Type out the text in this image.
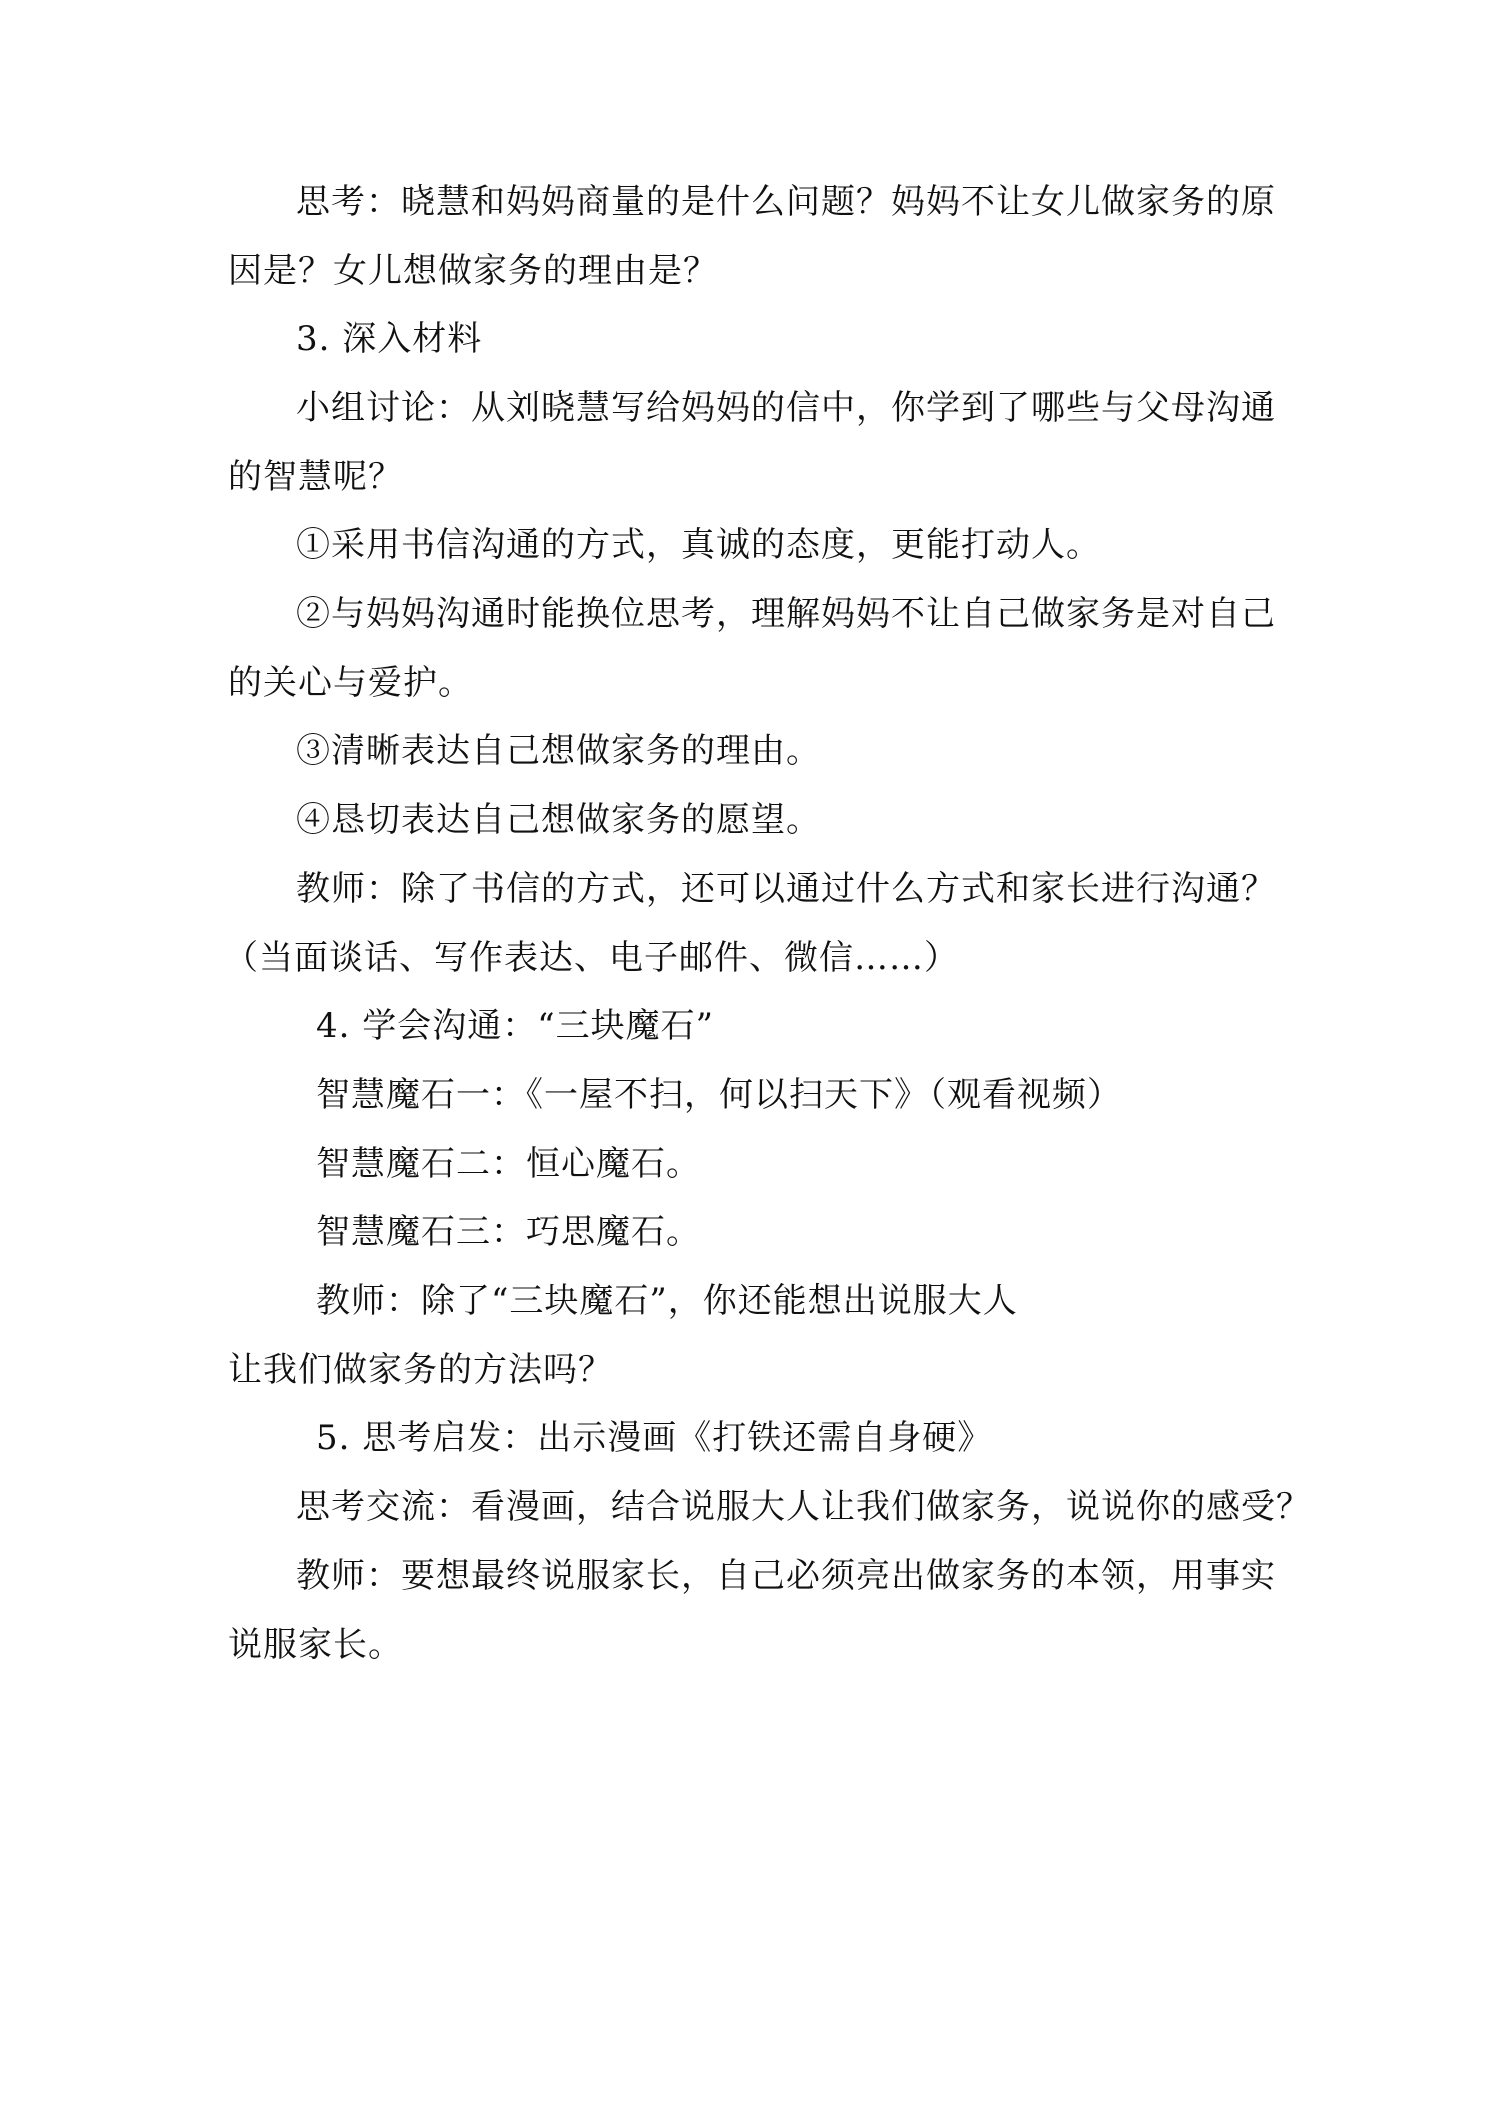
思考：晓慧和妈妈商量的是什么问题？妈妈不让女儿做家务的原
因是？女儿想做家务的理由是？
3. 深入材料
小组讨论：从刘晓慧写给妈妈的信中，你学到了哪些与父母沟通
的智慧呢？
①采用书信沟通的方式，真诚的态度，更能打动人。
②与妈妈沟通时能换位思考，理解妈妈不让自己做家务是对自己
的关心与爱护。
③清晰表达自己想做家务的理由。
④恳切表达自己想做家务的愿望。
教师：除了书信的方式，还可以通过什么方式和家长进行沟通？
（当面谈话、写作表达、电子邮件、微信……）
4. 学会沟通：“三块魔石”
智慧魔石一：《一屋不扫，何以扫天下》（观看视频）
智慧魔石二：恒心魔石。
智慧魔石三：巧思魔石。
教师：除了“三块魔石”，你还能想出说服大人
让我们做家务的方法吗？
5. 思考启发：出示漫画《打铁还需自身硬》
思考交流：看漫画，结合说服大人让我们做家务，说说你的感受？
教师：要想最终说服家长，自己必须亮出做家务的本领，用事实
说服家长。
